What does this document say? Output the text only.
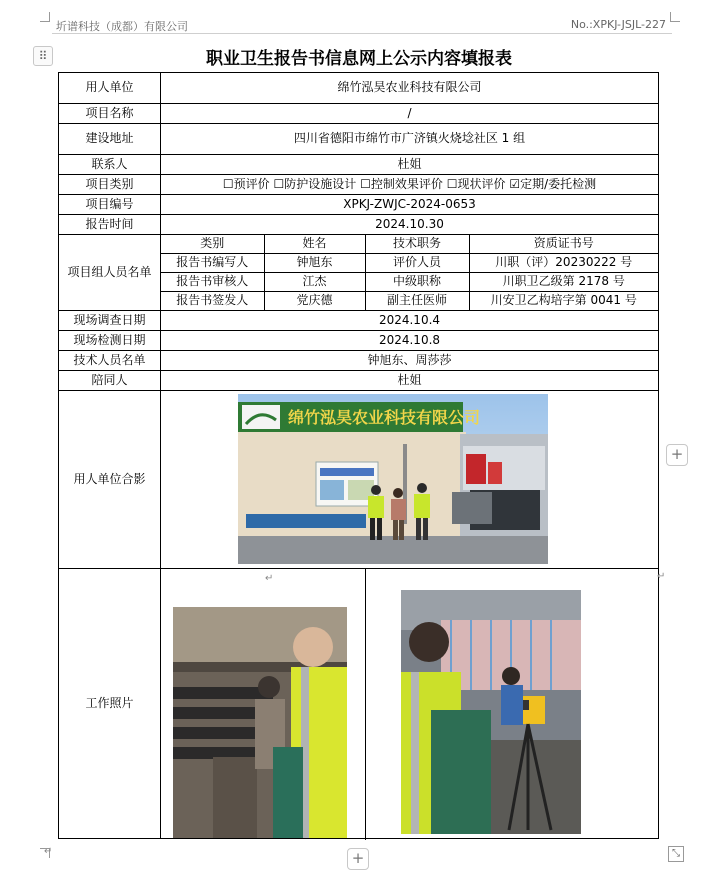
圻谱科技（成都）有限公司	No.:XPKJ-JSJL-227
⠿	职业卫生报告书信息网上公示内容填报表
用人单位	绵竹泓昊农业科技有限公司
项目名称	/
建设地址	四川省德阳市绵竹市广济镇火烧埝社区 1 组
联系人	杜姐
项目类别	☐预评价 ☐防护设施设计 ☐控制效果评价 ☐现状评价 ☑定期/委托检测
项目编号	XPKJ-ZWJC-2024-0653
报告时间	2024.10.30
项目组人员名单	
类别	姓名	技术职务	资质证书号
报告书编写人	钟旭东	评价人员	川职（评）20230222 号
报告书审核人	江杰	中级职称	川职卫乙级第 2178 号
报告书签发人	党庆德	副主任医师	川安卫乙构培字第 0041 号

现场调查日期	2024.10.4
现场检测日期	2024.10.8
技术人员名单	钟旭东、周莎莎
陪同人	杜姐
用人单位合影	
工作照片	
绵竹泓昊农业科技有限公司
↵	↵
↵
+
+	⤡
